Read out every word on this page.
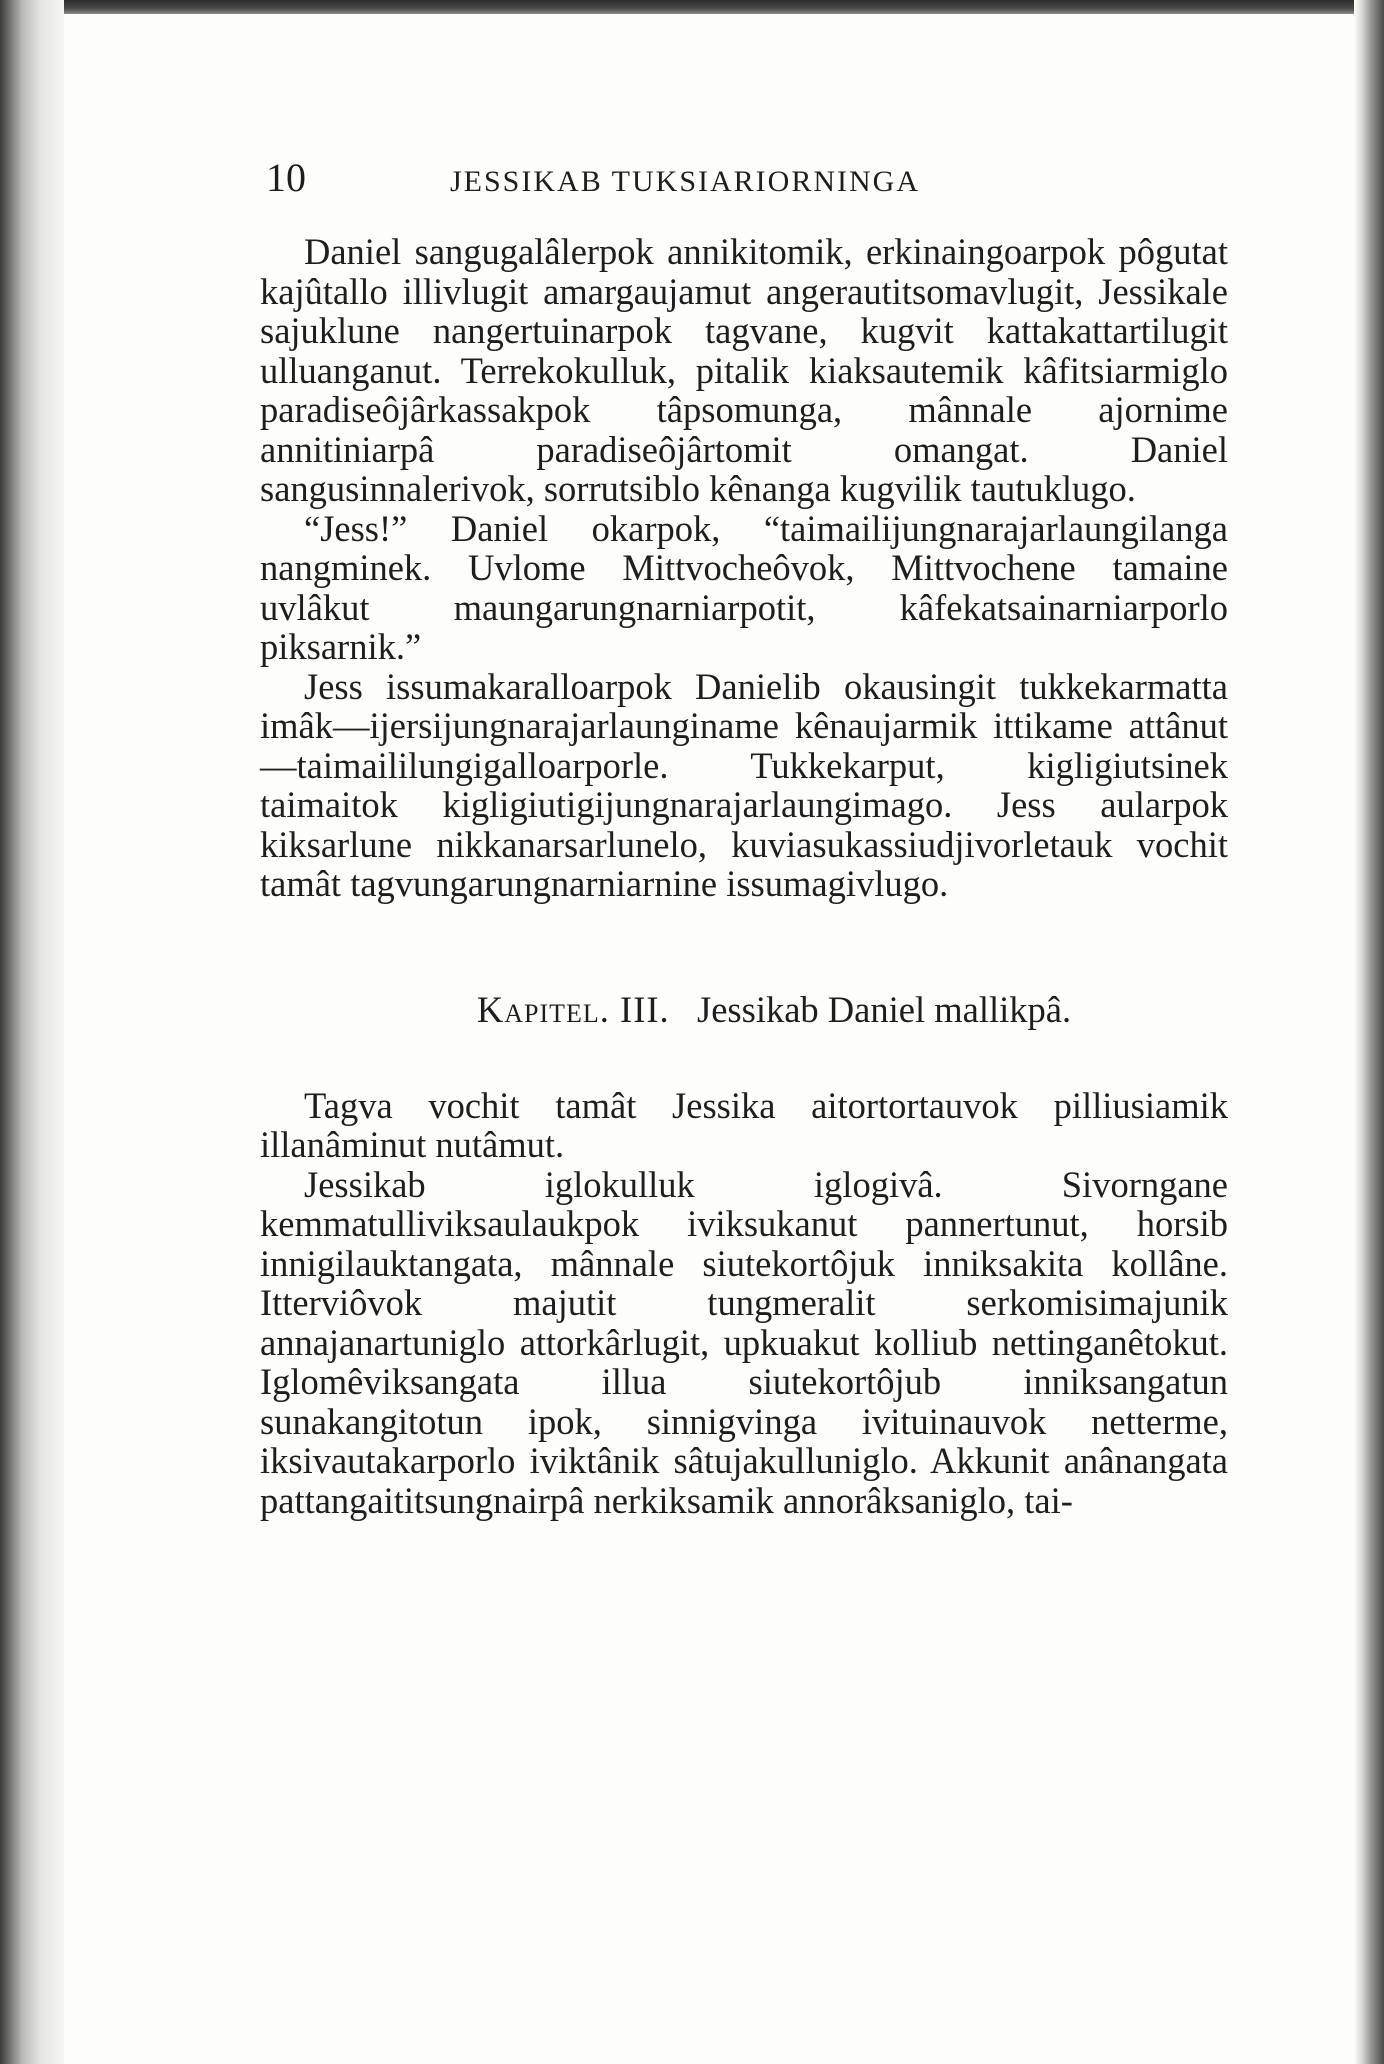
10	JESSIKAB TUKSIARIORNINGA

Daniel sangugalâlerpok annikitomik, erkinaingoarpok pôgutat kajûtallo illivlugit amargaujamut angerautitsomavlugit, Jessikale sajuklune nangertuinarpok tagvane, kugvit kattakattartilugit ulluanganut. Terrekokulluk, pitalik kiaksautemik kâfitsiarmiglo paradiseôjârkassakpok tâpsomunga, mânnale ajornime annitiniarpâ paradiseôjârtomit omangat. Daniel sangusinnalerivok, sorrutsiblo kênanga kugvilik tautuklugo.

“Jess!” Daniel okarpok, “taimailijungnarajarlaungilanga nangminek. Uvlome Mittvocheôvok, Mittvochene tamaine uvlâkut maungarungnarniarpotit, kâfekatsainarniarporlo piksarnik.”

Jess issumakaralloarpok Danielib okausingit tukkekarmatta imâk—ijersijungnarajarlaunginame kênaujarmik ittikame attânut—taimaililungigalloarporle. Tukkekarput, kigligiutsinek taimaitok kigligiutigijungnarajarlaungimago. Jess aularpok kiksarlune nikkanarsarlunelo, kuviasukassiudjivorletauk vochit tamât tagvungarungnarniarnine issumagivlugo.

Kapitel. III. Jessikab Daniel mallikpâ.

Tagva vochit tamât Jessika aitortortauvok pilliusiamik illanâminut nutâmut.

Jessikab iglokulluk iglogivâ. Sivorngane kemmatulliviksaulaukpok iviksukanut pannertunut, horsib innigilauktangata, mânnale siutekortôjuk inniksakita kollâne. Itterviôvok majutit tungmeralit serkomisimajunik annajanartuniglo attorkârlugit, upkuakut kolliub nettinganêtokut. Iglomêviksangata illua siutekortôjub inniksangatun sunakangitotun ipok, sinnigvinga ivituinauvok netterme, iksivautakarporlo iviktânik sâtujakulluniglo. Akkunit anânangata pattangaititsungnairpâ nerkiksamik annorâksaniglo, tai-
